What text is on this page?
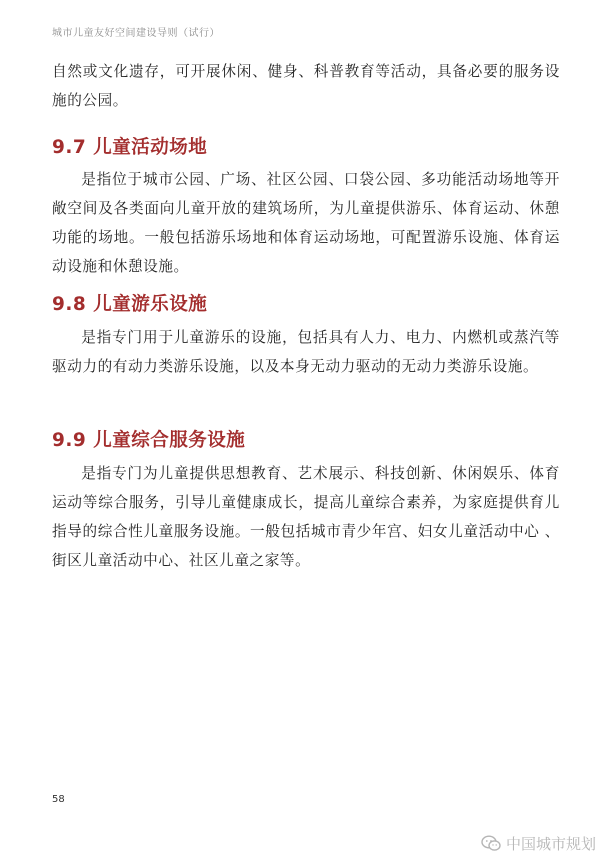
城市儿童友好空间建设导则（试行）

自然或文化遗存，可开展休闲、健身、科普教育等活动，具备必要的服务设施的公园。

9.7 儿童活动场地

是指位于城市公园、广场、社区公园、口袋公园、多功能活动场地等开敞空间及各类面向儿童开放的建筑场所，为儿童提供游乐、体育运动、休憩功能的场地。一般包括游乐场地和体育运动场地，可配置游乐设施、体育运动设施和休憩设施。

9.8 儿童游乐设施

是指专门用于儿童游乐的设施，包括具有人力、电力、内燃机或蒸汽等驱动力的有动力类游乐设施，以及本身无动力驱动的无动力类游乐设施。

9.9 儿童综合服务设施

是指专门为儿童提供思想教育、艺术展示、科技创新、休闲娱乐、体育运动等综合服务，引导儿童健康成长，提高儿童综合素养，为家庭提供育儿指导的综合性儿童服务设施。一般包括城市青少年宫、妇女儿童活动中心 、街区儿童活动中心、社区儿童之家等。

58
中国城市规划
